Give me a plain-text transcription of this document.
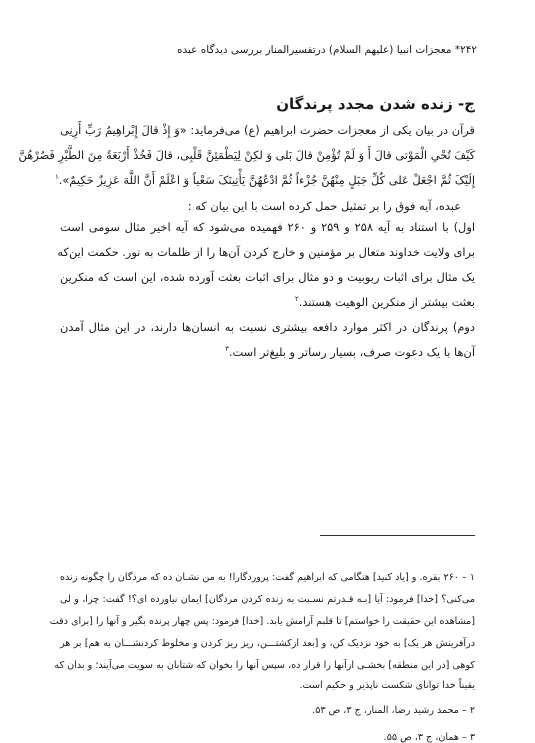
۲۴۲* معجزات انبیا (علیهم السلام) درتفسیرالمنار بررسی دیدگاه عبده
ج- زنده شدن مجدد پرندگان
قرآن در بیان یکی از معجزات حضرت ابراهیم (ع) می‌فرماید: «وَ إِذْ قالَ إِبْراهِیمُ رَبِّ أَرِنِی
کَیْفَ تُحْیِ الْمَوْتی قالَ أَ وَ لَمْ تُؤْمِنْ قالَ بَلی وَ لکِنْ لِیَطْمَئِنَّ قَلْبِی، قالَ فَخُذْ أَرْبَعَةً مِنَ الطَّیْرِ فَصُرْهُنَّ
إِلَیْکَ ثُمَّ اجْعَلْ عَلی کُلِّ جَبَلٍ مِنْهُنَّ جُزْءاً ثُمَّ ادْعُهُنَّ یَأْتِینَکَ سَعْیاً وَ اعْلَمْ أَنَّ اللَّهَ عَزِیزٌ حَکِیمٌ».$^۱$
عبده، آیه فوق را بر تمثیل حمل کرده است با این بیان که :
اول) با استناد به آیه ۲۵۸ و ۲۵۹ و ۲۶۰ فهمیده می‌شود که آیه اخیر مثال سومی است
برای ولایت خداوند متعال بر مؤمنین و خارج کردن آن‌ها را از ظلمات به نور. حکمت این‌که
یک مثال برای اثبات ربوبیت و دو مثال برای اثبات بعثت آورده شده، این است که منکرین
بعثت بیشتر از منکرین الوهیت هستند.$^۲$
دوم) پرندگان در اکثر موارد دافعه بیشتری نسبت به انسان‌ها دارند، در این مثال آمدن
آن‌ها با یک دعوت صرف، بسیار رساتر و بلیغ‌تر است.$^۳$
۱ – ۲۶۰ بقره. و [یاد کنید] هنگامی که ابراهیم گفت: پروردگارا! به من نشـان ده که مردگان را چگونه زنده
می‌کنی؟ [خدا] فرمود: آیا [بـه قـدرتم نسـبت به زنده کردن مردگان] ایمان نیاورده ای؟! گفت: چرا، و لی
[مشاهده این حقیقت را خواستم] تا قلبم آرامش یابد. [خدا] فرمود: پس چهار پرنده بگیر و آنها را [برای دقت
درآفرینش هر یک] به خود نزدیک کن، و [بعد ازکشتـــن، ریز ریز کردن و مخلوط کردنشـــان به هم] بر هر
کوهی [در این منطقه] بخشـی ازآنها را قرار ده، سپس آنها را بخوان که شتابان به سویت می‌آیند؛ و بدان که
یقیناً خدا توانای شکست ناپذیر و حکیم است.
۲ – محمد رشید رضا، المنار، ج ۳، ص ۵۳.
۳ – همان، ج ۳، ص ۵۵.
